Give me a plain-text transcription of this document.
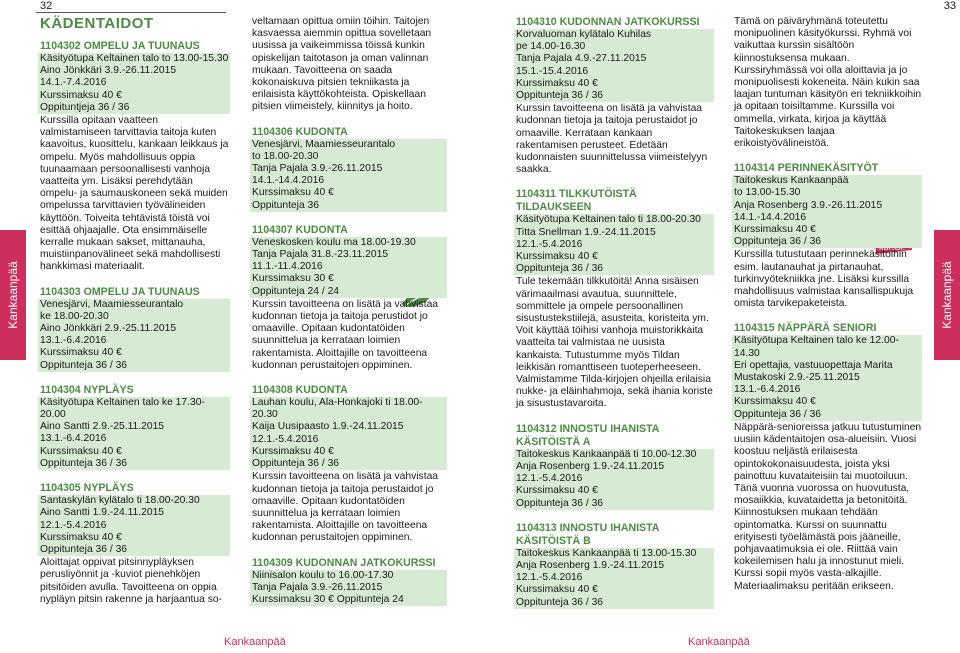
Kankaanpää	Kankaanpää
32	33
Kankaanpää	Kankaanpää
KÄDENTAIDOT
1104302 OMPELU JA TUUNAUS
Käsityötupa Keltainen talo to 13.00-15.30
Aino Jönkkäri 3.9.-26.11.2015
14.1.-7.4.2016
Kurssimaksu 40 €
Oppituntjeja 36 / 36
Kurssilla opitaan vaatteen valmistamiseen tarvittavia taitoja kuten kaavoitus, kuosittelu, kankaan leikkaus ja ompelu. Myös mahdollisuus oppia tuunaamaan persoonallisesti vanhoja vaatteita ym. Lisäksi perehdytään ompelu- ja saumauskoneen sekä muiden ompelussa tarvittavien työvälineiden käyttöön. Toiveita tehtävistä töistä voi esittää ohjaajalle. Ota ensimmäiselle kerralle mukaan sakset, mittanauha, muistiinpanovälineet sekä mahdollisesti hankkimasi materiaalit.
1104303 OMPELU JA TUUNAUS
Venesjärvi, Maamiesseurantalo
ke 18.00-20.30
Aino Jönkkäri 2.9.-25.11.2015
13.1.-6.4.2016
Kurssimaksu 40 €
Oppitunteja 36 / 36
1104304 NYPLÄYS
Käsityötupa Keltainen talo ke 17.30-20.00
Aino Santti 2.9.-25.11.2015
13.1.-6.4.2016
Kurssimaksu 40 €
Oppitunteja 36 / 36
1104305 NYPLÄYS
Santaskylän kylätalo ti 18.00-20.30
Aino Santti 1.9.-24.11.2015
12.1.-5.4.2016
Kurssimaksu 40 €
Oppitunteja 36 / 36
Aloittajat oppivat pitsinnypläyksen perusliyönnit ja -kuviot pienehköjen pitsitöiden avulla. Tavoitteena on oppia nypläyn pitsin rakenne ja harjaantua so-
veltamaan opittua omiin töihin. Taitojen kasvaessa aiemmin opittua sovelletaan uusissa ja vaikeimmissa töissä kunkin opiskelijan taitotason ja oman valinnan mukaan. Tavoitteena on saada kokonaiskuva pitsien tekniikasta ja erilaisista käyttökohteista. Opiskellaan pitsien viimeistely, kiinnitys ja hoito.
1104306 KUDONTA
Venesjärvi, Maamiesseurantalo
to 18.00-20.30
Tanja Pajala 3.9.-26.11.2015
14.1.-14.4.2016
Kurssimaksu 40 €
Oppitunteja 36
1104307 KUDONTA
Veneskosken koulu ma 18.00-19.30
Tanja Pajala 31.8.-23.11.2015
11.1.-11.4.2016
Kurssimaksu 30 €
Oppitunteja 24 / 24
Kurssin tavoitteena on lisätä ja vahvistaa kudonnan tietoja ja taitoja perustidot jo omaaville. Opitaan kudontatöiden suunnittelua ja kerrataan loimien rakentamista. Aloittajille on tavoitteena kudonnan perustaitojen oppiminen.
1104308 KUDONTA
Lauhan koulu, Ala-Honkajoki ti 18.00-20.30
Kaija Uusipaasto 1.9.-24.11.2015
12.1.-5.4.2016
Kurssimaksu 40 €
Oppitunteja 36 / 36
Kurssin tavoitteena on lisätä ja vahvistaa kudonnan tietoja ja taitoja perustaidot jo omaaville. Opitaan kudontatöiden suunnittelua ja kerrataan loimien rakentamista. Aloittajille on tavoitteena kudonnan perustaitojen oppiminen.
1104309 KUDONNAN JATKOKURSSI
Niinisalon koulu to 16.00-17.30
Tanja Pajala 3.9.-26.11.2015
Kurssimaksu 30 € Oppitunteja 24
1104310 KUDONNAN JATKOKURSSI
Korvaluoman kylätalo Kuhilas
pe 14.00-16.30
Tanja Pajala 4.9.-27.11.2015
15.1.-15.4.2016
Kurssimaksu 40 €
Oppitunteja 36 / 36
Kurssin tavoitteena on lisätä ja vahvistaa kudonnan tietoja ja taitoja perustaidot jo omaaville. Kerrataan kankaan rakentamisen perusteet. Edetään kudonnaisten suunnittelussa viimeistelyyn saakka.
1104311 TILKKUTÖISTÄ TILDAUKSEEN
Käsityötupa Keltainen talo ti 18.00-20.30
Titta Snellman 1.9.-24.11.2015
12.1.-5.4.2016
Kurssimaksu 40 €
Oppitunteja 36 / 36
Tule tekemään tilkkutöitä! Anna sisäisen värimaailmasi avautua, suunnittele, sommittele ja ompele persoonallinen sisustustekstiilejä, asusteita, koristeita ym. Voit käyttää töihisi vanhoja muistorikkaita vaatteita tai valmistaa ne uusista kankaista. Tutustumme myös Tildan leikkisän romanttiseen tuoteperheeseen. Valmistamme Tilda-kirjojen ohjeilla erilaisia nukke- ja eläinhahmoja, sekä ihania koriste ja sisustustavaroita.
1104312 INNOSTU IHANISTA KÄSITÖISTÄ A
Taitokeskus Kankaanpää ti 10.00-12.30
Anja Rosenberg 1.9.-24.11.2015
12.1.-5.4.2016
Kurssimaksu 40 €
Oppitunteja 36 / 36
1104313 INNOSTU IHANISTA KÄSITÖISTÄ B
Taitokeskus Kankaanpää ti 13.00-15.30
Anja Rosenberg 1.9.-24.11.2015
12.1.-5.4.2016
Kurssimaksu 40 €
Oppitunteja 36 / 36
Tämä on päiväryhmänä toteutettu monipuolinen käsityökurssi. Ryhmä voi vaikuttaa kurssin sisältöön kiinnostuksensa mukaan. Kurssiryhmässä voi olla aloittavia ja jo monipuolisesti kokeneita. Näin kukin saa laajan tuntuman käsityön eri tekniikkoihin ja opitaan toisiltamme. Kurssilla voi ommella, virkata, kirjoa ja käyttää Taitokeskuksen laajaa erikoistyövälineistöä.
1104314 PERINNEKÄSITYÖT
Taitokeskus Kankaanpää
to 13.00-15.30
Anja Rosenberg 3.9.-26.11.2015
14.1.-14.4.2016
Kurssimaksu 40 €
Oppitunteja 36 / 36
Kurssilla tutustutaan perinnekäsitöihin esim. lautanauhat ja pirtanauhat, turkinvyötekniikka jne. Lisäksi kurssilla mahdollisuus valmistaa kansallispukuja omista tarvikepaketeista.
1104315 NÄPPÄRÄ SENIORI
Käsityötupa Keltainen talo ke 12.00-14.30
Eri opettajia, vastuuopettaja Marita
Mustakoski 2.9.-25.11.2015
13.1.-6.4.2016
Kurssimaksu 40 €
Oppitunteja 36 / 36
Näppärä-senioreissa jatkuu tutustuminen uusiin kädentaitojen osa-alueisiin. Vuosi koostuu neljästä erilaisesta opintokokonaisuudesta, joista yksi painottuu kuvataiteisiin tai muotoiluun. Tänä vuonna vuorossa on huovutusta, mosaiikkia, kuvataidetta ja betonitöitä. Kiinnostuksen mukaan tehdään opintomatka. Kurssi on suunnattu erityisesti työelämästä pois jääneille, pohjavaatimuksia ei ole. Riittää vain kokeilemisen halu ja innostunut mieli. Kurssi sopii myös vasta-alkajille. Materiaalimaksu peritään erikseen.
